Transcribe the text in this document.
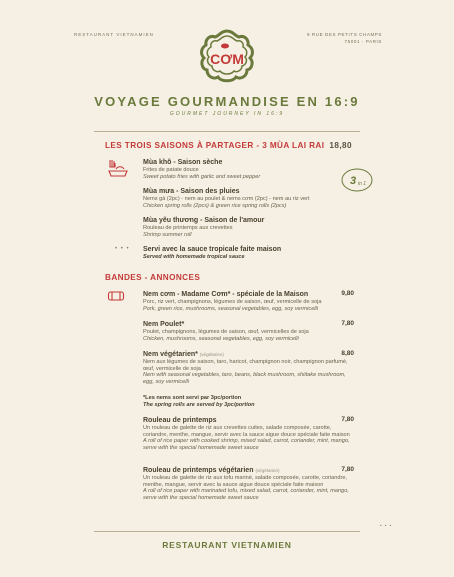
RESTAURANT VIETNAMIEN	9 RUE DES PETITS CHAMPS
75001 · PARIS
CƠM
VOYAGE GOURMANDISE EN 16:9
GOURMET JOURNEY IN 16:9
LES TROIS SAISONS À PARTAGER - 3 MÙA LAI RAI 18,80
3 in 1
Mùa khô - Saison sèche
Frites de patate douce
Sweet potato fries with garlic and sweet pepper
Mùa mưa - Saison des pluies
Nems gà (2pc) - nem au poulet & nems cơm (2pc) - nem au riz vert
Chicken spring rolls (2pcs) & green rice spring rolls (2pcs)
Mùa yêu thương - Saison de l'amour
Rouleau de printemps aux crevettes
Shrimp summer roll
• • • Servi avec la sauce tropicale faite maison
Served with homemade tropical sauce
BANDES - ANNONCES
Nem cơm - Madame Cơm* - spéciale de la Maison	9,80
Porc, riz vert, champignons, légumes de saison, œuf, vermicelle de soja
Pork, green rice, mushrooms, seasonal vegetables, egg, soy vermicelli
Nem Poulet*	7,80
Poulet, champignons, légumes de saison, œuf, vermicelles de soja
Chicken, mushrooms, seasonal vegetables, egg, soy vermicelli
Nem végétarien* (végétarien)	8,80
Nem aux légumes de saison, taro, haricot, champignon noir, champignon parfumé, œuf, vermicelle de soja
Nem with seasonal vegetables, taro, beans, black mushroom, shiitake mushroom, egg, soy vermicelli
*Les nems sont servi par 3pc/portion
The spring rolls are served by 3pc/portion
Rouleau de printemps	7,80
Un rouleau de galette de riz aux crevettes cuites, salade composée, carotte, coriandre, menthe, mangue, servir avec la sauce aigue douce spéciale faite maison
A roll of rice paper with cooked shrimp, mixed salad, carrot, coriander, mint, mango, serve with the special homemade sweet sauce
Rouleau de printemps végétarien (végétarien)	7,80
Un rouleau de galette de riz aux tofu mariné, salade composée, carotte, coriandre, menthe, mangue, servir avec la sauce aigue douce spéciale faite maison
A roll of rice paper with marinated tofu, mixed salad, carrot, coriander, mint, mango, serve with the special homemade sweet sauce
• • •
RESTAURANT VIETNAMIEN
